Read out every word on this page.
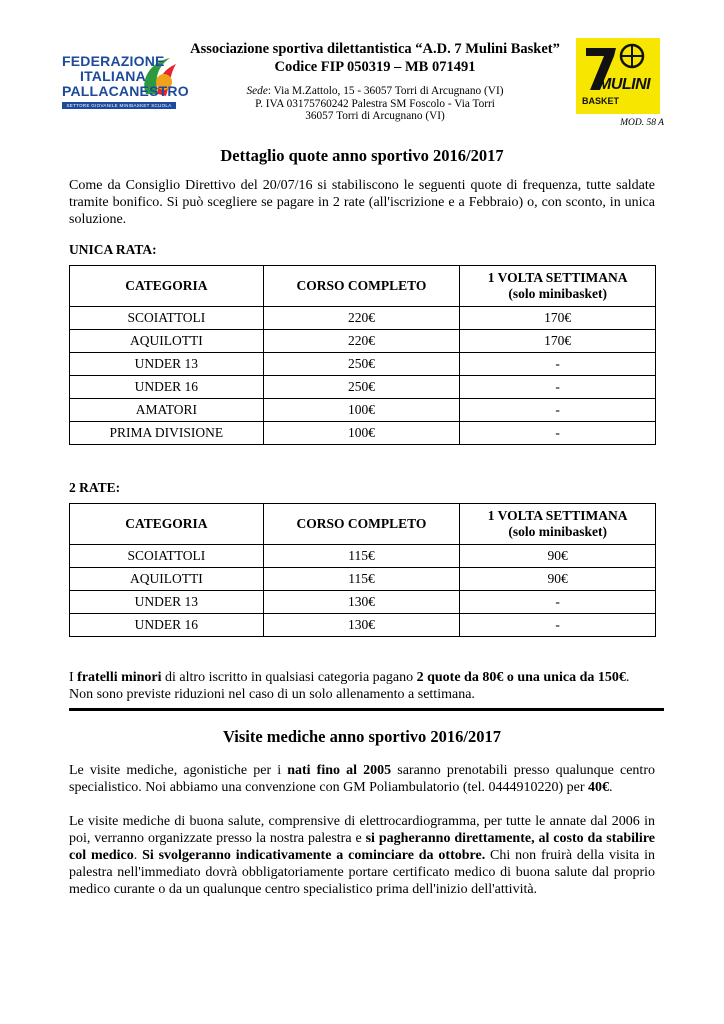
FEDERAZIONE
ITALIANA
PALLACANESTRO
SETTORE GIOVANILE MINIBASKET SCUOLA
Associazione sportiva dilettantistica “A.D. 7 Mulini Basket”
Codice FIP 050319 – MB 071491
Sede: Via M.Zattolo, 15 - 36057 Torri di Arcugnano (VI)
P. IVA 03175760242 Palestra SM Foscolo - Via Torri
36057 Torri di Arcugnano (VI)
MULINI
BASKET
MOD. 58 A
Dettaglio quote anno sportivo 2016/2017

Come da Consiglio Direttivo del 20/07/16 si stabiliscono le seguenti quote di frequenza, tutte saldate tramite bonifico. Si può scegliere se pagare in 2 rate (all'iscrizione e a Febbraio) o, con sconto, in unica soluzione.

UNICA RATA:
CATEGORIA	CORSO COMPLETO	1 VOLTA SETTIMANA
(solo minibasket)
SCOIATTOLI	220€	170€
AQUILOTTI	220€	170€
UNDER 13	250€	-
UNDER 16	250€	-
AMATORI	100€	-
PRIMA DIVISIONE	100€	-
2 RATE:
CATEGORIA	CORSO COMPLETO	1 VOLTA SETTIMANA
(solo minibasket)
SCOIATTOLI	115€	90€
AQUILOTTI	115€	90€
UNDER 13	130€	-
UNDER 16	130€	-

I fratelli minori di altro iscritto in qualsiasi categoria pagano 2 quote da 80€ o una unica da 150€.
Non sono previste riduzioni nel caso di un solo allenamento a settimana.

Visite mediche anno sportivo 2016/2017

Le visite mediche, agonistiche per i nati fino al 2005 saranno prenotabili presso qualunque centro specialistico. Noi abbiamo una convenzione con GM Poliambulatorio (tel. 0444910220) per 40€.

Le visite mediche di buona salute, comprensive di elettrocardiogramma, per tutte le annate dal 2006 in poi, verranno organizzate presso la nostra palestra e si pagheranno direttamente, al costo da stabilire col medico. Si svolgeranno indicativamente a cominciare da ottobre. Chi non fruirà della visita in palestra nell'immediato dovrà obbligatoriamente portare certificato medico di buona salute dal proprio medico curante o da un qualunque centro specialistico prima dell'inizio dell'attività.
